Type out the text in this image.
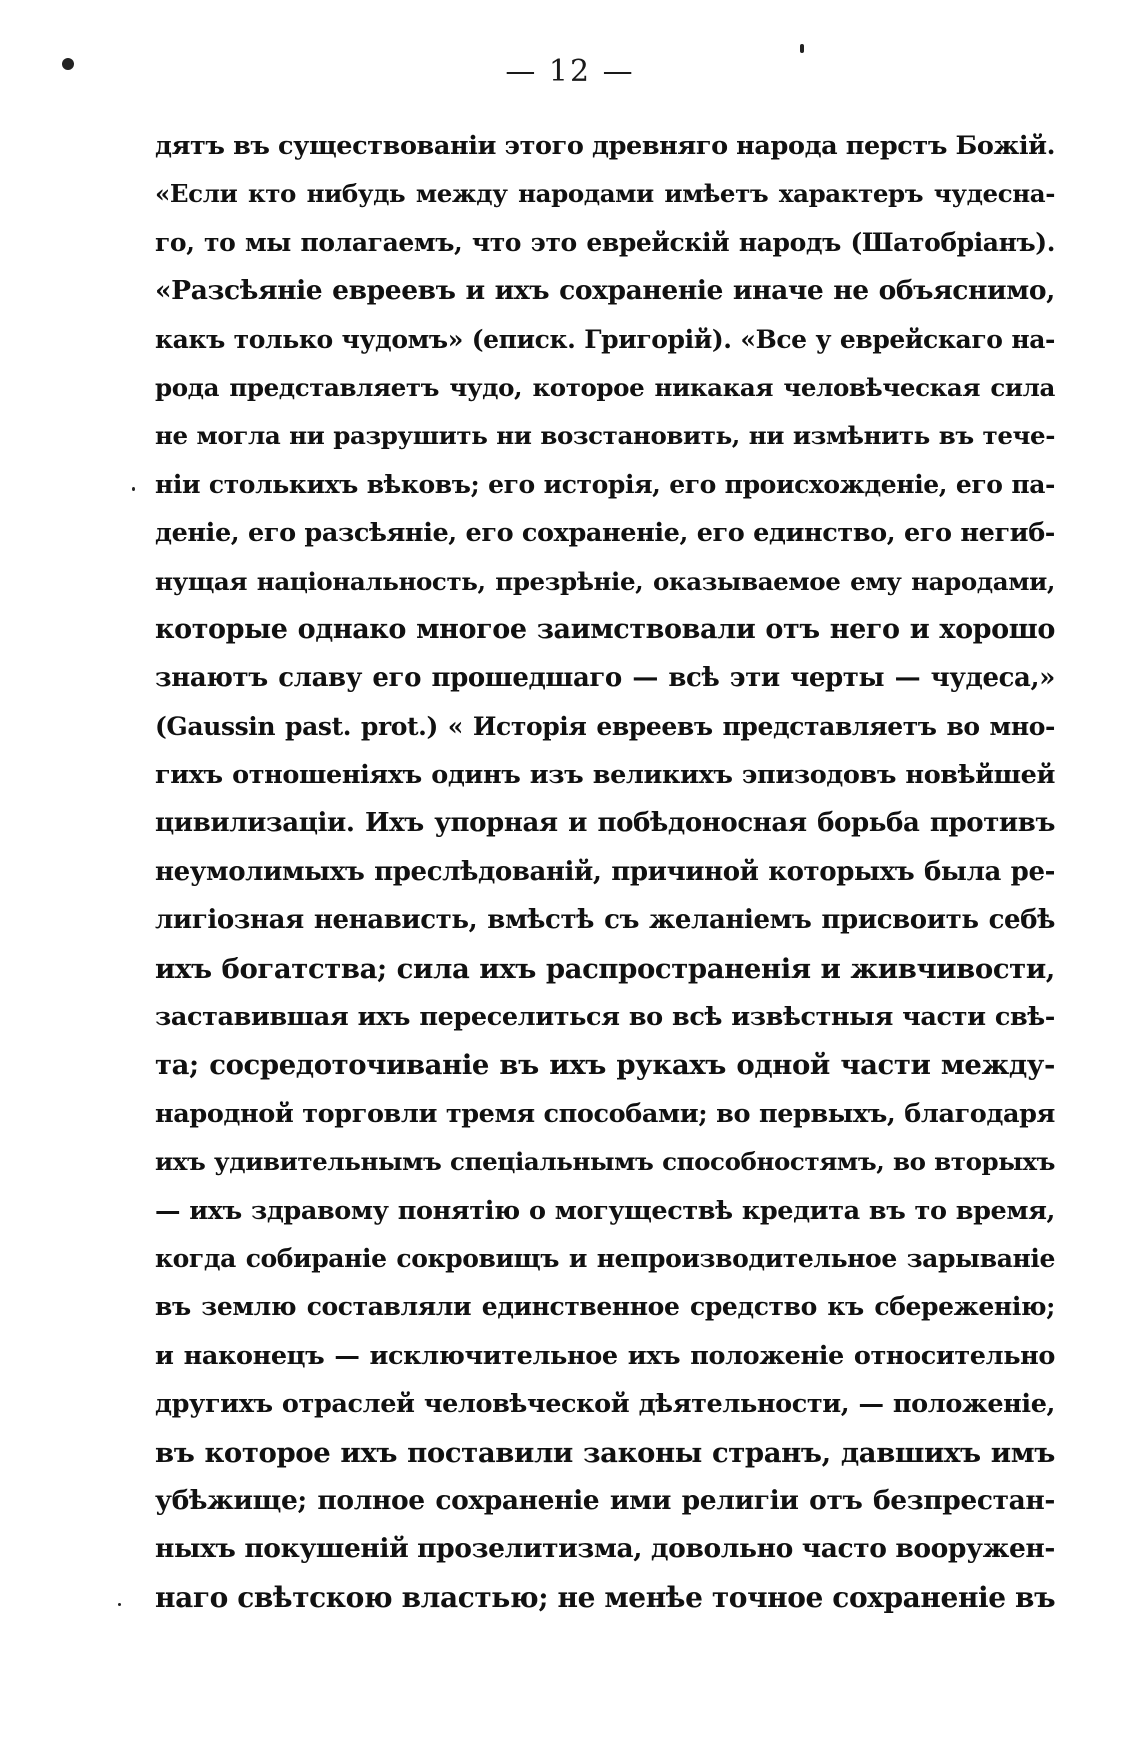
— 12 —
дятъ въ существованіи этого древняго народа перстъ Божій.
«Если кто нибудь между народами имѣетъ характеръ чудесна-
го, то мы полагаемъ, что это еврейскій народъ (Шатобріанъ).
«Разсѣяніе евреевъ и ихъ сохраненіе иначе не объяснимо,
какъ только чудомъ» (еписк. Григорій). «Все у еврейскаго на-
рода представляетъ чудо, которое никакая человѣческая сила
не могла ни разрушить ни возстановить, ни измѣнить въ тече-
ніи столькихъ вѣковъ; его исторія, его происхожденіе, его па-
деніе, его разсѣяніе, его сохраненіе, его единство, его негиб-
нущая національность, презрѣніе, оказываемое ему народами,
которые однако многое заимствовали отъ него и хорошо
знаютъ славу его прошедшаго — всѣ эти черты — чудеса,»
(Gaussin past. prot.) « Исторія евреевъ представляетъ во мно-
гихъ отношеніяхъ одинъ изъ великихъ эпизодовъ новѣйшей
цивилизаціи. Ихъ упорная и побѣдоносная борьба противъ
неумолимыхъ преслѣдованій, причиной которыхъ была ре-
лигіозная ненависть, вмѣстѣ съ желаніемъ присвоить себѣ
ихъ богатства; сила ихъ распространенія и живчивости,
заставившая ихъ переселиться во всѣ извѣстныя части свѣ-
та; сосредоточиваніе въ ихъ рукахъ одной части между-
народной торговли тремя способами; во первыхъ, благодаря
ихъ удивительнымъ спеціальнымъ способностямъ, во вторыхъ
— ихъ здравому понятію о могуществѣ кредита въ то время,
когда собираніе сокровищъ и непроизводительное зарываніе
въ землю составляли единственное средство къ сбереженію;
и наконецъ — исключительное ихъ положеніе относительно
другихъ отраслей человѣческой дѣятельности, — положеніе,
въ которое ихъ поставили законы странъ, давшихъ имъ
убѣжище; полное сохраненіе ими религіи отъ безпрестан-
ныхъ покушеній прозелитизма, довольно часто вооружен-
наго свѣтскою властью; не менѣе точное сохраненіе въ
